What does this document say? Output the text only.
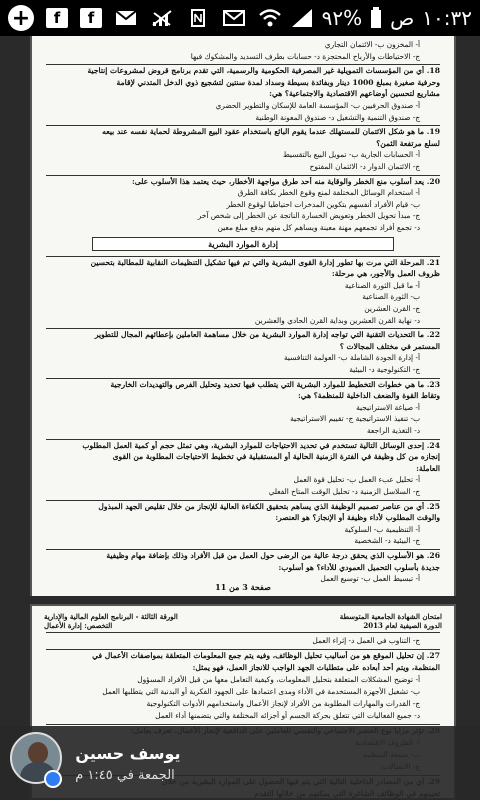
+	f	f	٩٢% ص ١٠:٣٢
أ- المخزون ب- الائتمان التجاري
ج- الاحتياطات والأرباح المحتجزة د- حسابات بطرف التسديد والمشكوك فيها
18. أي من المؤسسات التمويلية غير المصرفية الحكومية والرسمية، التي تقدم برنامج قروض لمشروعات إنتاجية
وحرفية صغيرة بمبلغ 1000 دينار وبفائدة بسيطة وسداد لمدة سنتين لتشجيع ذوي الدخل المتدني لإقامة
مشاريع لتحسين أوضاعهم الاقتصادية والاجتماعية؟ هي:
أ- صندوق الحرفيين ب- المؤسسة العامة للإسكان والتطوير الحضري
ج- صندوق التنمية والتشغيل د- صندوق المعونة الوطنية
19. ما هو شكل الائتمان للمستهلك عندما يقوم البائع باستخدام عقود البيع المشروطة لحماية نفسه عند بيعه
لسلع مرتفعة الثمن؟
أ- الحسابات الجارية ب- تمويل البيع بالتقسيط
ج- الائتمان الدوار د- الائتمان المفتوح
20. يعد أسلوب منع الخطر والوقاية منه أحد طرق مواجهة الأخطار، حيث يعتمد هذا الأسلوب على:
أ- استخدام الوسائل المختلفة لمنع وقوع الخطر بكافة الطرق
ب- قيام الأفراد أنفسهم بتكوين المدخرات احتياطيا لوقوع الخطر
ج- مبدأ تحويل الخطر وتعويض الخسارة الناتجة عن الخطر إلى شخص آخر
د- تجمع أفراد تجمعهم مهنة معينة ويساهم كل منهم بدفع مبلغ معين
إدارة الموارد البشرية
21. المرحلة التي مرت بها تطور إدارة القوى البشرية والتي تم فيها تشكيل التنظيمات النقابية للمطالبة بتحسين
ظروف العمل والأجور، هي مرحلة:
أ- ما قبل الثورة الصناعية
ب- الثورة الصناعية
ج- القرن العشرين
د- نهاية القرن العشرين وبداية القرن الحادي والعشرين
22. ما التحديات التقنية التي تواجه إدارة الموارد البشرية من خلال مساهمة العاملين بإعطائهم المجال للتطوير
المستمر في مختلف المجالات ؟
أ- إدارة الجودة الشاملة ب- العولمة التنافسية
ج- التكنولوجية د- البيئية
23. ما هي خطوات التخطيط للموارد البشرية التي يتطلب فيها تحديد وتحليل الفرص والتهديدات الخارجية
وتقاط القوة والضعف الداخلية للمنظمة؟ هي:
أ- صياغة الاستراتيجية
ب- تنفيذ الاستراتيجية ج- تقييم الاستراتيجية
د- التغذية الراجعة
24. إحدى الوسائل التالية تستخدم في تحديد الاحتياجات للموارد البشرية، وهي تمثل حجم أو كمية العمل المطلوب
إنجازه من كل وظيفة في الفترة الزمنية الحالية أو المستقبلية في تخطيط الاحتياجات المطلوبة من القوى
العاملة:
أ- تحليل عبء العمل ب- تحليل قوة العمل
ج- السلاسل الزمنية د- تحليل الوقت المتاح الفعلي
25. أي من عناصر تصميم الوظيفة الذي يساهم بتحقيق الكفاءة العالية للإنجاز من خلال تقليص الجهد المبذول
والوقت المطلوب لأداء وظيفة أو الإنجاز؟ هو العنصر:
أ- التنظيمية ب- السلوكية
ج- البيئية د- الشخصية
26. هو الأسلوب الذي يحقق درجة عالية من الرضى حول العمل من قبل الأفراد وذلك بإضافة مهام وظيفية
جديدة بأسلوب التحميل العمودي للأداء؟ هو أسلوب:
أ- تبسيط العمل ب- توسيع العمل
صفحة 3 من 11
امتحان الشهادة الجامعية المتوسطة
الدورة الصيفية لعام 2013
الورقة الثالثة - البرنامج العلوم المالية والإدارية
التخصص: إدارة الأعمال
ج- التناوب في العمل د- إثراء العمل
27. إن تحليل الموقع هو من أساليب تحليل الوظائف، وفيه يتم جمع المعلومات المتعلقة بمواصفات الأعمال في
المنظمة، ويتم أحد أبعاده على متطلبات الجهد الواجب للانجاز العمل، فهو يمثل:
أ- توضيح المشكلات المتعلقة بتحليل المعلومات، وكيفية التعامل معها من قبل الأفراد المسؤول
ب- تشغيل الأجهزة المستخدمة في الأداء ومدى اعتمادها على الجهود الفكرية أو البدنية التي يتطلبها العمل
ج- القدرات والمهارات المطلوبة من الأفراد لإنجاز الأعمال واستخدامهم الأدوات التكنولوجية
د- جميع الفعاليات التي تتعلق بحركة الجسم أو أجزائه المختلفة والتي يتضمنها أداء العمل
يوسف حسين
الجمعة في ١:٤٥ م
